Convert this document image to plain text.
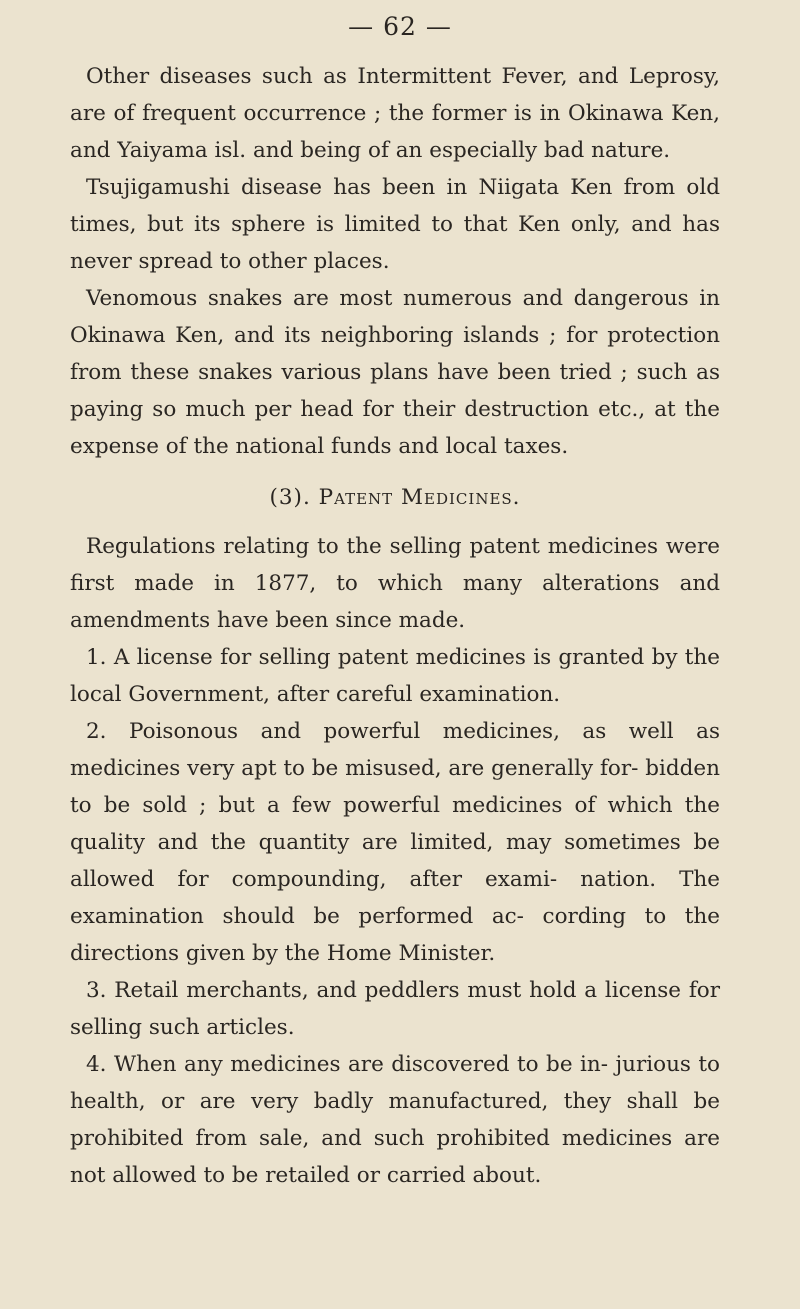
— 62 —

Other diseases such as Intermittent Fever, and Leprosy, are of frequent occurrence ; the former is in Okinawa Ken, and Yaiyama isl. and being of an especially bad nature.

Tsujigamushi disease has been in Niigata Ken from old times, but its sphere is limited to that Ken only, and has never spread to other places.

Venomous snakes are most numerous and dangerous in Okinawa Ken, and its neighboring islands ; for protection from these snakes various plans have been tried ; such as paying so much per head for their destruction etc., at the expense of the national funds and local taxes.

(3). Patent Medicines.

Regulations relating to the selling patent medicines were first made in 1877, to which many alterations and amendments have been since made.

1. A license for selling patent medicines is granted by the local Government, after careful examination.

2. Poisonous and powerful medicines, as well as medicines very apt to be misused, are generally for- bidden to be sold ; but a few powerful medicines of which the quality and the quantity are limited, may sometimes be allowed for compounding, after exami- nation. The examination should be performed ac- cording to the directions given by the Home Minister.

3. Retail merchants, and peddlers must hold a license for selling such articles.

4. When any medicines are discovered to be in- jurious to health, or are very badly manufactured, they shall be prohibited from sale, and such prohibited medicines are not allowed to be retailed or carried about.
